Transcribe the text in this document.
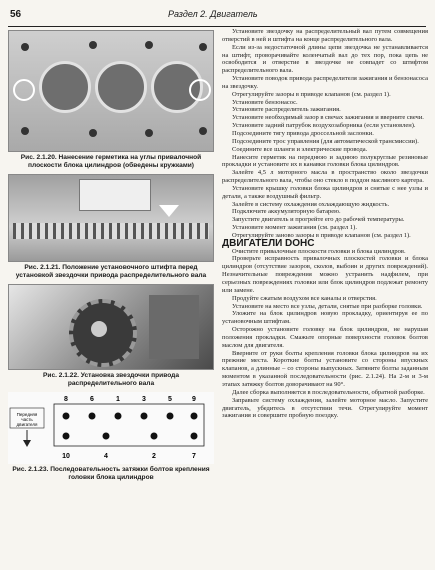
56	Раздел 2. Двигатель
Рис. 2.1.20. Нанесение герметика на углы привалочной плоскости блока цилиндров (обведены кружками)
Рис. 2.1.21. Положение установочного штифта перед установкой звездочки привода распределительного вала
Рис. 2.1.22. Установка звездочки привода распределительного вала
Передняя часть двигателя
8	6	1	3	5	9
10	4	2	7
Рис. 2.1.23. Последовательность затяжки болтов крепления головки блока цилиндров

Установите звездочку на распределительный вал путем совмещения отверстий в ней и штифта на конце распределительного вала.

Если из-за недостаточной длины цепи звездочка не устанавливается на штифт, проворачивайте коленчатый вал до тех пор, пока цепь не освободится и отверстие в звездочке не совпадет со штифтом распределительного вала.

Установите поводок привода распределителя зажигания и бензонасоса на звездочку.

Отрегулируйте зазоры в приводе клапанов (см. раздел 1).

Установите бензонасос.

Установите распределитель зажигания.

Установите необходимый зазор в свечах зажигания и вверните свечи.

Установите задний патрубок воздухозаборника (если установлен).

Подсоедините тягу привода дроссельной заслонки.

Подсоедините трос управления (для автоматической трансмиссии).

Соедините все шланги и электрические провода.

Нанесите герметик на переднюю и заднюю полукруглые резиновые прокладки и установите их в канавки головки блока цилиндров.

Залейте 4,5 л моторного масла в пространство около звездочки распределительного вала, чтобы оно стекло в поддон масляного картера.

Установите крышку головки блока цилиндров и снятые с нее узлы и детали, а также воздушный фильтр.

Залейте в систему охлаждения охлаждающую жидкость.

Подключите аккумуляторную батарею.

Запустите двигатель и прогрейте его до рабочей температуры.

Установите момент зажигания (см. раздел 1).

Отрегулируйте заново зазоры в приводе клапанов (см. раздел 1).

ДВИГАТЕЛИ DOHC

Очистите привалочные плоскости головки и блока цилиндров.

Проверьте исправность привалочных плоскостей головки и блока цилиндров (отсутствие зазоров, сколов, выбоин и других повреждений). Незначительные повреждения можно устранить надфилем, при серьезных повреждениях головки или блок цилиндров подлежат ремонту или замене.

Продуйте сжатым воздухом все каналы и отверстия.

Установите на место все узлы, детали, снятые при разборке головки.

Уложите на блок цилиндров новую прокладку, ориентируя ее по установочным штифтам.

Осторожно установите головку на блок цилиндров, не нарушая положения прокладки. Смажьте опорные поверхности головок болтов маслом для двигателя.

Вверните от руки болты крепления головки блока цилиндров на их прежние места. Короткие болты установите со стороны впускных клапанов, а длинные – со стороны выпускных. Затяните болты заданным моментом в указанной последовательности (рис. 2.1.24). На 2-м и 3-м этапах затяжку болтов доворачивают на 90°.

Далее сборка выполняется в последовательности, обратной разборке.

Заправьте систему охлаждения, залейте моторное масло. Запустите двигатель, убедитесь в отсутствии течи. Отрегулируйте момент зажигания и совершите пробную поездку.
